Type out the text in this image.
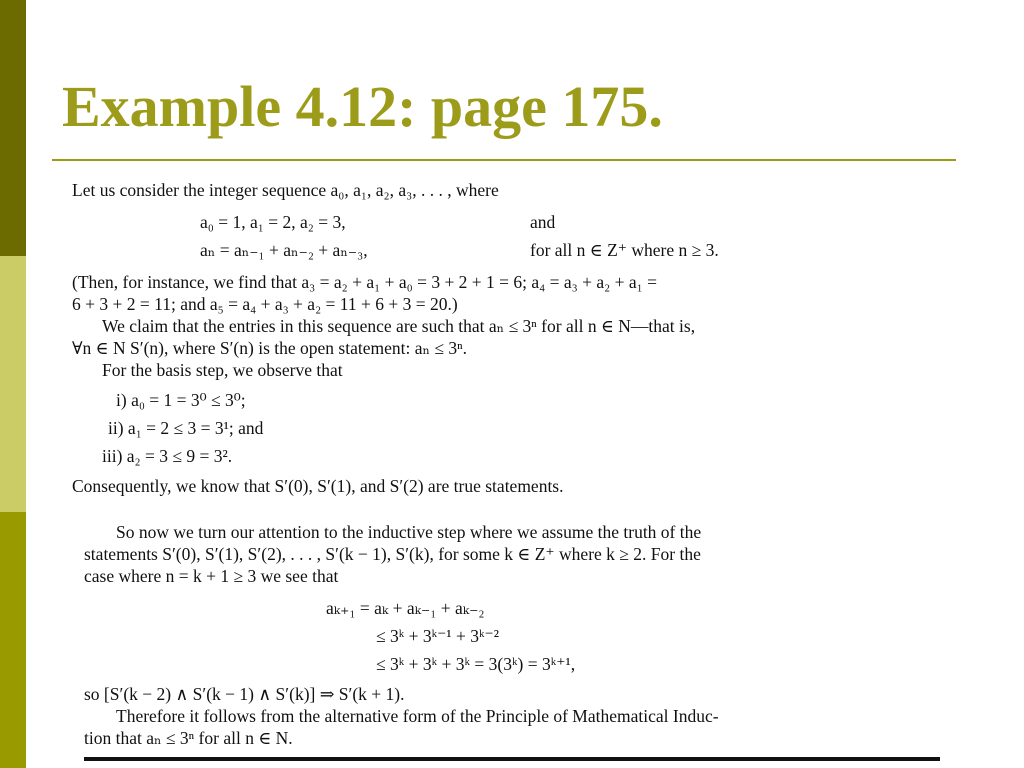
Example 4.12: page 175.

Let us consider the integer sequence a₀, a₁, a₂, a₃, . . . , where

a₀ = 1, a₁ = 2, a₂ = 3,	and

aₙ = aₙ₋₁ + aₙ₋₂ + aₙ₋₃,	for all n ∈ Z⁺ where n ≥ 3.

(Then, for instance, we find that a₃ = a₂ + a₁ + a₀ = 3 + 2 + 1 = 6; a₄ = a₃ + a₂ + a₁ =

6 + 3 + 2 = 11; and a₅ = a₄ + a₃ + a₂ = 11 + 6 + 3 = 20.)

We claim that the entries in this sequence are such that aₙ ≤ 3ⁿ for all n ∈ N—that is,

∀n ∈ N S′(n), where S′(n) is the open statement: aₙ ≤ 3ⁿ.

For the basis step, we observe that

i) a₀ = 1 = 3⁰ ≤ 3⁰;

ii) a₁ = 2 ≤ 3 = 3¹; and

iii) a₂ = 3 ≤ 9 = 3².

Consequently, we know that S′(0), S′(1), and S′(2) are true statements.

So now we turn our attention to the inductive step where we assume the truth of the

statements S′(0), S′(1), S′(2), . . . , S′(k − 1), S′(k), for some k ∈ Z⁺ where k ≥ 2. For the

case where n = k + 1 ≥ 3 we see that

aₖ₊₁ = aₖ + aₖ₋₁ + aₖ₋₂

≤ 3ᵏ + 3ᵏ⁻¹ + 3ᵏ⁻²

≤ 3ᵏ + 3ᵏ + 3ᵏ = 3(3ᵏ) = 3ᵏ⁺¹,

so [S′(k − 2) ∧ S′(k − 1) ∧ S′(k)] ⇒ S′(k + 1).

Therefore it follows from the alternative form of the Principle of Mathematical Induc-

tion that aₙ ≤ 3ⁿ for all n ∈ N.
